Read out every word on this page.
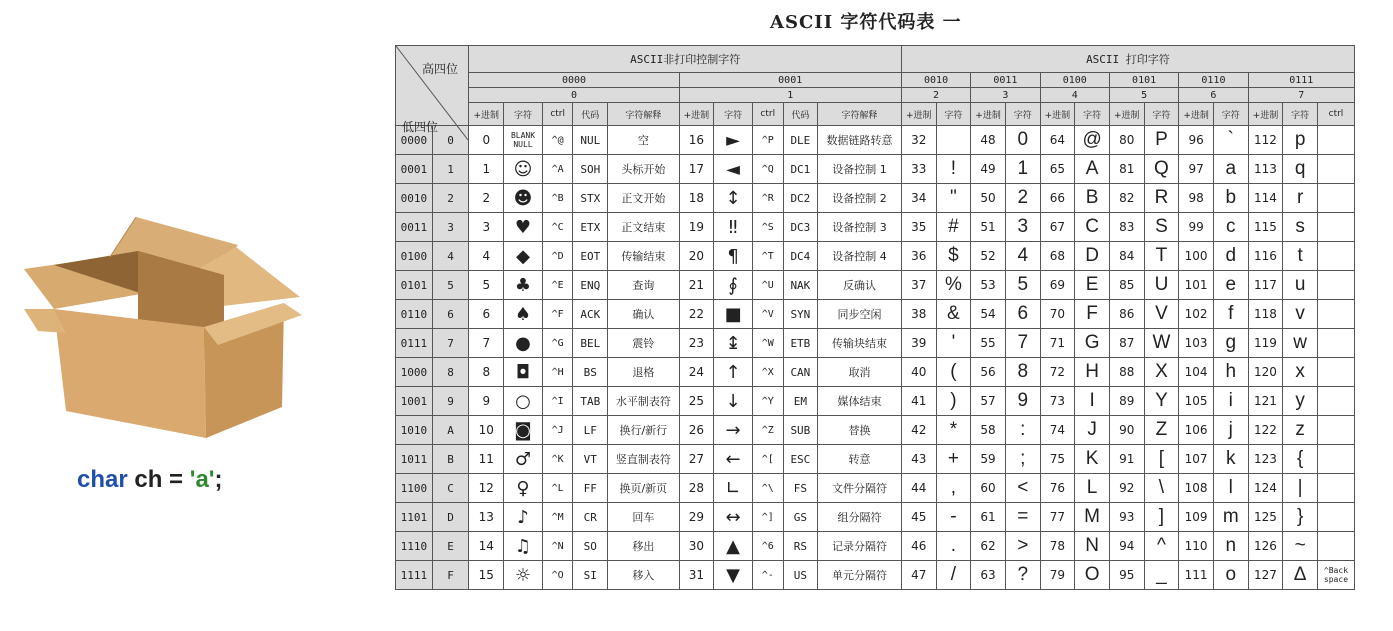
char ch = 'a';
ASCII 字符代码表 一
高四位
低四位		ASCII非打印控制字符										ASCII 打印字符												
		0000					0001					0010		0011		0100		0101		0110		0111		
		0					1					2		3		4		5		6		7		
		+进制	字符	ctrl	代码	字符解释	+进制	字符	ctrl	代码	字符解释	+进制	字符	+进制	字符	+进制	字符	+进制	字符	+进制	字符	+进制	字符	ctrl
0000	0	0	BLANK NULL	^@	NUL	空	16	►	^P	DLE	数据链路转意	32		48	0	64	@	80	P	96	`	112	p	
0001	1	1	☺	^A	SOH	头标开始	17	◄	^Q	DC1	设备控制 1	33	!	49	1	65	A	81	Q	97	a	113	q	
0010	2	2	☻	^B	STX	正文开始	18	↕	^R	DC2	设备控制 2	34	"	50	2	66	B	82	R	98	b	114	r	
0011	3	3	♥	^C	ETX	正文结束	19	‼	^S	DC3	设备控制 3	35	#	51	3	67	C	83	S	99	c	115	s	
0100	4	4	◆	^D	EOT	传输结束	20	¶	^T	DC4	设备控制 4	36	$	52	4	68	D	84	T	100	d	116	t	
0101	5	5	♣	^E	ENQ	查询	21	∮	^U	NAK	反确认	37	%	53	5	69	E	85	U	101	e	117	u	
0110	6	6	♠	^F	ACK	确认	22	■	^V	SYN	同步空闲	38	&	54	6	70	F	86	V	102	f	118	v	
0111	7	7	●	^G	BEL	震铃	23	↨	^W	ETB	传输块结束	39	'	55	7	71	G	87	W	103	g	119	w	
1000	8	8	◘	^H	BS	退格	24	↑	^X	CAN	取消	40	(	56	8	72	H	88	X	104	h	120	x	
1001	9	9	○	^I	TAB	水平制表符	25	↓	^Y	EM	媒体结束	41	)	57	9	73	I	89	Y	105	i	121	y	
1010	A	10	◙	^J	LF	换行/新行	26	→	^Z	SUB	替换	42	*	58	:	74	J	90	Z	106	j	122	z	
1011	B	11	♂	^K	VT	竖直制表符	27	←	^[	ESC	转意	43	+	59	;	75	K	91	[	107	k	123	{	
1100	C	12	♀	^L	FF	换页/新页	28	∟	^\	FS	文件分隔符	44	,	60	<	76	L	92	\	108	l	124	|	
1101	D	13	♪	^M	CR	回车	29	↔	^]	GS	组分隔符	45	-	61	=	77	M	93	]	109	m	125	}	
1110	E	14	♫	^N	SO	移出	30	▲	^6	RS	记录分隔符	46	.	62	>	78	N	94	^	110	n	126	~	
1111	F	15	☼	^O	SI	移入	31	▼	^-	US	单元分隔符	47	/	63	?	79	O	95	_	111	o	127	Δ	^Back space
